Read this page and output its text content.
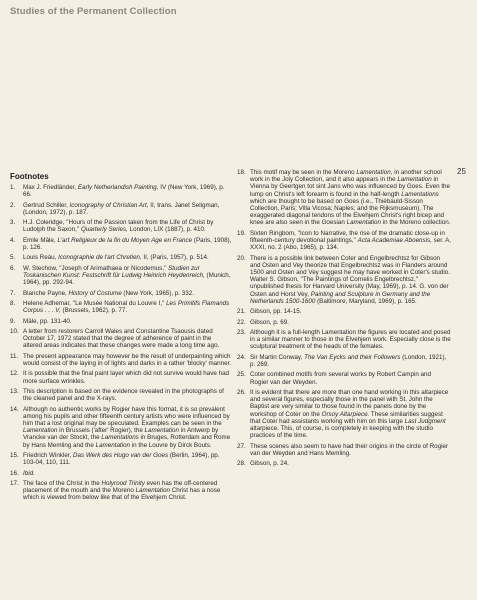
Studies of the Permanent Collection
25
Footnotes
1. Max J. Friedländer, Early Netherlandish Painting, IV (New York, 1969), p. 66.
2. Gertrud Schiller, Iconography of Christian Art, II, trans. Janet Seligman, (London, 1972), p. 187.
3. H.J. Coleridge, ''Hours of the Passion taken from the Life of Christ by Ludolph the Saxon,'' Quarterly Series, London, LIX (1887), p. 410.
4. Emile Mâle, L'art Religieux de la fin du Moyen Age en France (Paris, 1908), p. 126.
5. Louis Reáu, Iconographie de l'art Chretien, II, (Paris, 1957), p. 514.
6. W. Stechow, ''Joseph of Arimathaea or Nicodemus,'' Studien zur Toskanischen Kunst: Festschrift für Ludwig Heinrich Heydenreich, (Munich, 1964), pp. 292-94.
7. Blanche Payne, History of Costume (New York, 1965), p. 332.
8. Helene Adhemar, ''Le Musée National du Louvre I,'' Les Primitifs Flamands Corpus . . . V, (Brussels, 1962), p. 77.
9. Mâle, pp. 131-40.
10. A letter from restorers Carroll Wales and Constantine Tsaousis dated October 17, 1972 stated that the degree of adherence of paint in the altered areas indicates that these changes were made a long time ago.
11. The present appearance may however be the result of underpainting which would consist of the laying in of lights and darks in a rather 'blocky' manner.
12. It is possible that the final paint layer which did not survive would have had more surface wrinkles.
13. This description is based on the evidence revealed in the photographs of the cleaned panel and the X-rays.
14. Although no authentic works by Rogier have this format, it is so prevalent among his pupils and other fifteenth century artists who were influenced by him that a lost original may be speculated. Examples can be seen in the Lamentation in Brussels ('after' Rogier), the Lamentation in Antwerp by Vrancke van der Stockt, the Lamentations in Bruges, Rotterdam and Rome by Hans Memling and the Lamentation in the Louvre by Dirck Bouts.
15. Friedrich Winkler, Das Werk des Hugo van der Goes (Berlin, 1964), pp. 103-04, 110, 111.
16. Ibid.
17. The face of the Christ in the Holyrood Trinity even has the off-centered placement of the mouth and the Moreno Lamentation Christ has a nose which is viewed from below like that of the Elvehjem Christ.
18. This motif may be seen in the Moreno Lamentation, in another school work in the Joly Collection, and it also appears in the Lamentation in Vienna by Geertgen tot sint Jans who was influenced by Goes. Even the lump on Christ's left forearm is found in the half-length Lamentations which are thought to be based on Goes (i.e., Thiébauld-Sisson Collection, Paris; Villa Vicosa; Naples; and the Rijksmuseum). The exaggerated diagonal tendons of the Elvehjem Christ's right bicep and knee are also seen in the Goesian Lamentation in the Moreno collection.
19. Sixten Ringbom, ''Icon to Narrative, the rise of the dramatic close-up in fifteenth-century devotional paintings,'' Acta Academiae Aboensis, ser. A, XXXI, no. 2 (Abo, 1965), p. 134.
20. There is a possible link between Coter and Engelbrechtsz for Gibson and Osten and Vey theorize that Engelbrechtsz was in Flanders around 1500 and Osten and Vey suggest he may have worked in Coter's studio. Walter S. Gibson, ''The Paintings of Cornelis Engelbrechtsz,'' unpublished thesis for Harvard University (May, 1969), p. 14. G. von der Osten and Horst Vey, Painting and Sculpture in Germany and the Netherlands 1500-1600 (Baltimore, Maryland, 1969), p. 165.
21. Gibson, pp. 14-15.
22. Gibson, p. 69.
23. Although it is a full-length Lamentation the figures are located and posed in a similar manner to those in the Elvehjem work. Especially close is the sculptural treatment of the heads of the females.
24. Sir Martin Conway, The Van Eycks and their Followers (London, 1921), p. 269.
25. Coter combined motifs from several works by Robert Campin and Rogier van der Weyden.
26. It is evident that there are more than one hand working in this altarpiece and several figures, especially those in the panel with St. John the Baptist are very similar to those found in the panels done by the workshop of Coter on the Orsoy Altarpiece. These similarities suggest that Coter had assistants working with him on this large Last Judgment altarpiece. This, of course, is completely in keeping with the studio practices of the time.
27. These scenes also seem to have had their origins in the circle of Rogier van der Weyden and Hans Memling.
28. Gibson, p. 24.
